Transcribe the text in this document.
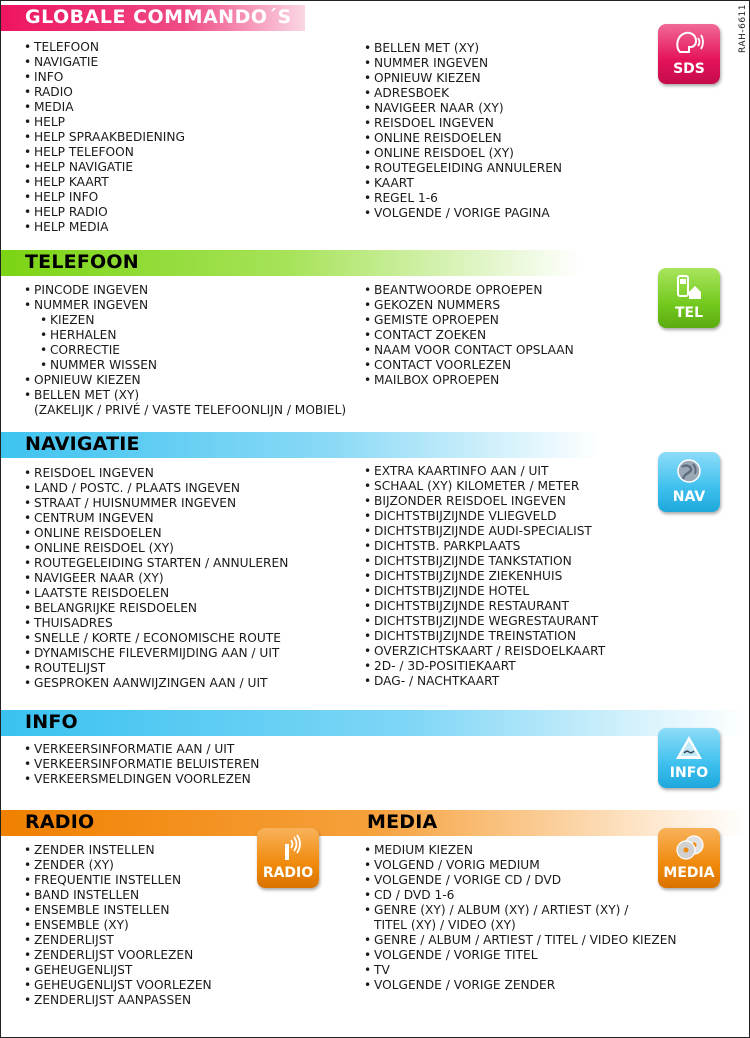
RAH-6611
GLOBALE COMMANDO´S
• TELEFOON
• NAVIGATIE
• INFO
• RADIO
• MEDIA
• HELP
• HELP SPRAAKBEDIENING
• HELP TELEFOON
• HELP NAVIGATIE
• HELP KAART
• HELP INFO
• HELP RADIO
• HELP MEDIA
• BELLEN MET (XY)
• NUMMER INGEVEN
• OPNIEUW KIEZEN
• ADRESBOEK
• NAVIGEER NAAR (XY)
• REISDOEL INGEVEN
• ONLINE REISDOELEN
• ONLINE REISDOEL (XY)
• ROUTEGELEIDING ANNULEREN
• KAART
• REGEL 1-6
• VOLGENDE / VORIGE PAGINA
SDS
TELEFOON
• PINCODE INGEVEN
• NUMMER INGEVEN
• KIEZEN
• HERHALEN
• CORRECTIE
• NUMMER WISSEN
• OPNIEUW KIEZEN
• BELLEN MET (XY)
(ZAKELIJK / PRIVÉ / VASTE TELEFOONLIJN / MOBIEL)
• BEANTWOORDE OPROEPEN
• GEKOZEN NUMMERS
• GEMISTE OPROEPEN
• CONTACT ZOEKEN
• NAAM VOOR CONTACT OPSLAAN
• CONTACT VOORLEZEN
• MAILBOX OPROEPEN
TEL
NAVIGATIE
• REISDOEL INGEVEN
• LAND / POSTC. / PLAATS INGEVEN
• STRAAT / HUISNUMMER INGEVEN
• CENTRUM INGEVEN
• ONLINE REISDOELEN
• ONLINE REISDOEL (XY)
• ROUTEGELEIDING STARTEN / ANNULEREN
• NAVIGEER NAAR (XY)
• LAATSTE REISDOELEN
• BELANGRIJKE REISDOELEN
• THUISADRES
• SNELLE / KORTE / ECONOMISCHE ROUTE
• DYNAMISCHE FILEVERMIJDING AAN / UIT
• ROUTELIJST
• GESPROKEN AANWIJZINGEN AAN / UIT
• EXTRA KAARTINFO AAN / UIT
• SCHAAL (XY) KILOMETER / METER
• BIJZONDER REISDOEL INGEVEN
• DICHTSTBIJZIJNDE VLIEGVELD
• DICHTSTBIJZIJNDE AUDI-SPECIALIST
• DICHTSTB. PARKPLAATS
• DICHTSTBIJZIJNDE TANKSTATION
• DICHTSTBIJZIJNDE ZIEKENHUIS
• DICHTSTBIJZIJNDE HOTEL
• DICHTSTBIJZIJNDE RESTAURANT
• DICHTSTBIJZIJNDE WEGRESTAURANT
• DICHTSTBIJZIJNDE TREINSTATION
• OVERZICHTSKAART / REISDOELKAART
• 2D- / 3D-POSITIEKAART
• DAG- / NACHTKAART
NAV
INFO
• VERKEERSINFORMATIE AAN / UIT
• VERKEERSINFORMATIE BELUISTEREN
• VERKEERSMELDINGEN VOORLEZEN	INFO
RADIO	MEDIA
• ZENDER INSTELLEN
• ZENDER (XY)
• FREQUENTIE INSTELLEN
• BAND INSTELLEN
• ENSEMBLE INSTELLEN
• ENSEMBLE (XY)
• ZENDERLIJST
• ZENDERLIJST VOORLEZEN
• GEHEUGENLIJST
• GEHEUGENLIJST VOORLEZEN
• ZENDERLIJST AANPASSEN
RADIO
• MEDIUM KIEZEN
• VOLGEND / VORIG MEDIUM
• VOLGENDE / VORIGE CD / DVD
• CD / DVD 1-6
• GENRE (XY) / ALBUM (XY) / ARTIEST (XY) /
TITEL (XY) / VIDEO (XY)
• GENRE / ALBUM / ARTIEST / TITEL / VIDEO KIEZEN
• VOLGENDE / VORIGE TITEL
• TV
• VOLGENDE / VORIGE ZENDER
MEDIA
